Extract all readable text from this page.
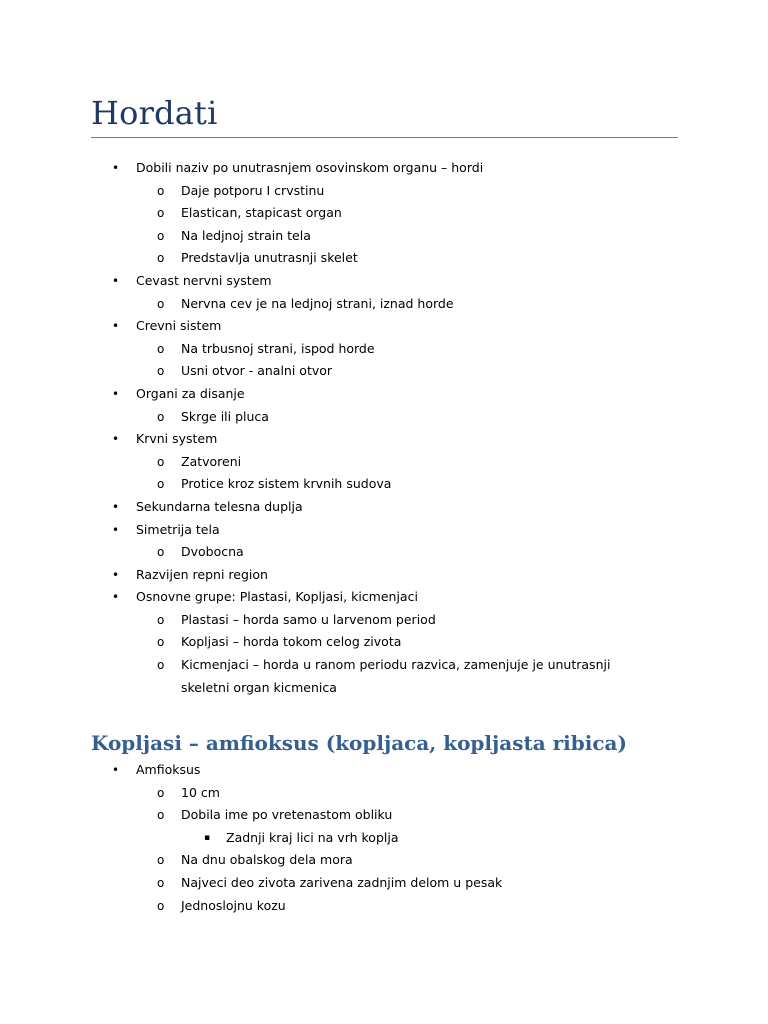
Hordati
• Dobili naziv po unutrasnjem osovinskom organu – hordi
o Daje potporu I crvstinu
o Elastican, stapicast organ
o Na ledjnoj strain tela
o Predstavlja unutrasnji skelet
• Cevast nervni system
o Nervna cev je na ledjnoj strani, iznad horde
• Crevni sistem
o Na trbusnoj strani, ispod horde
o Usni otvor - analni otvor
• Organi za disanje
o Skrge ili pluca
• Krvni system
o Zatvoreni
o Protice kroz sistem krvnih sudova
• Sekundarna telesna duplja
• Simetrija tela
o Dvobocna
• Razvijen repni region
• Osnovne grupe: Plastasi, Kopljasi, kicmenjaci
o Plastasi – horda samo u larvenom period
o Kopljasi – horda tokom celog zivota
o Kicmenjaci – horda u ranom periodu razvica, zamenjuje je unutrasnji skeletni organ kicmenica
Kopljasi – amfioksus (kopljaca, kopljasta ribica)
• Amfioksus
o 10 cm
o Dobila ime po vretenastom obliku
▪ Zadnji kraj lici na vrh koplja
o Na dnu obalskog dela mora
o Najveci deo zivota zarivena zadnjim delom u pesak
o Jednoslojnu kozu
